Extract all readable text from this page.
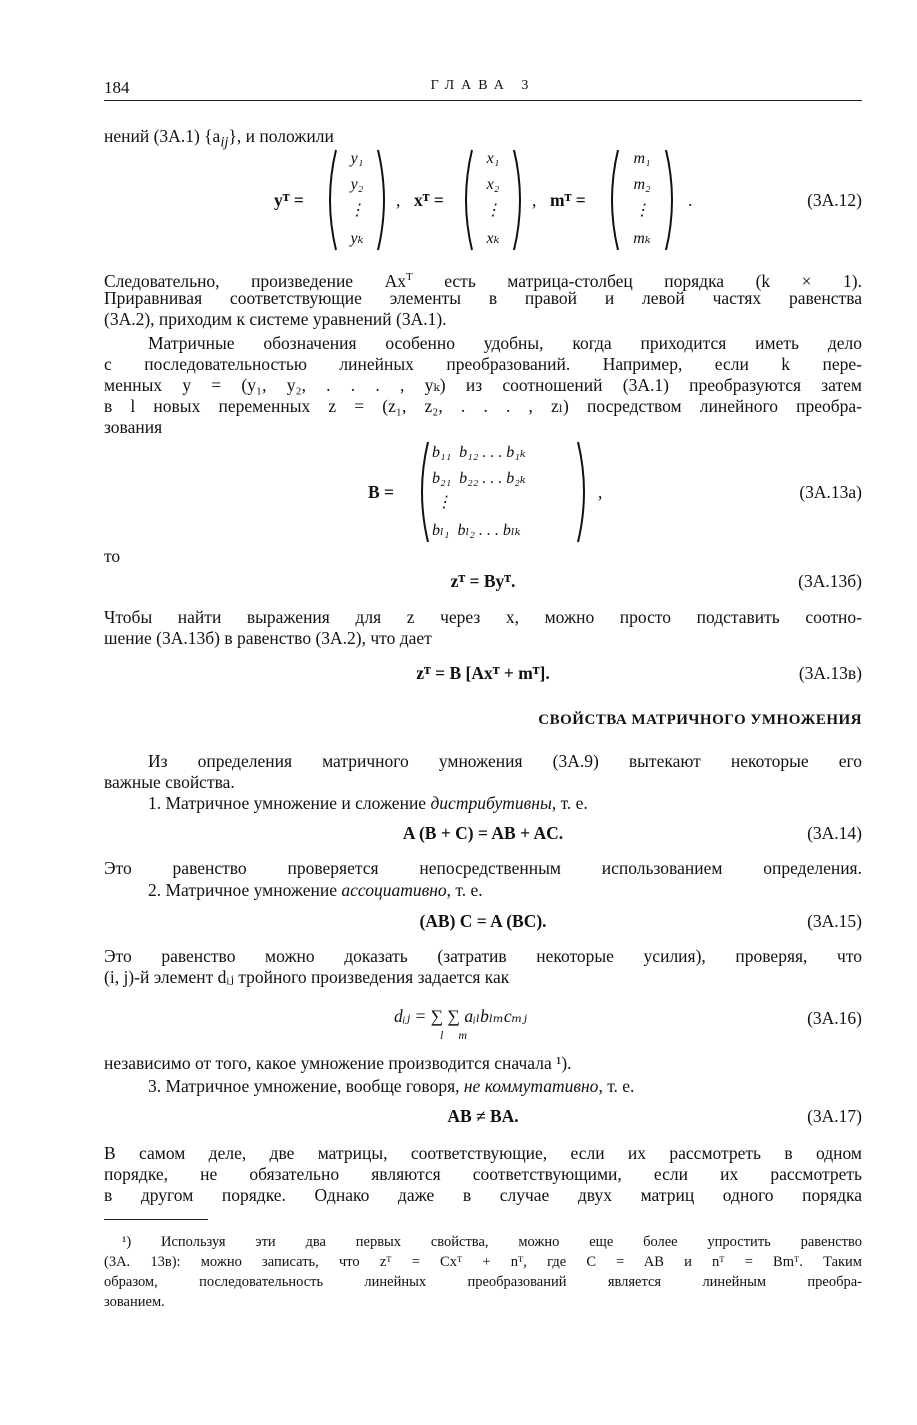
184	ГЛАВА 3
нений (3А.1) $\{a_{ij}\}$, и положили
yᵀ =
y₁
y₂
⋮
yₖ
, xᵀ =
x₁
x₂
⋮
xₖ
, mᵀ =
m₁
m₂
⋮
mₖ
.	(3А.12)
Следовательно, произведение $Ax^T$ есть матрица-столбец порядка (k × 1).
Приравнивая соответствующие элементы в правой и левой частях равенства
(3А.2), приходим к системе уравнений (3А.1).
Матричные обозначения особенно удобны, когда приходится иметь дело
с последовательностью линейных преобразований. Например, если k пере-
менных y = (y₁, y₂, . . . , yₖ) из соотношений (3А.1) преобразуются затем
в l новых переменных z = (z₁, z₂, . . . , zₗ) посредством линейного преобра-
зования
B =
b₁₁  b₁₂ . . . b₁ₖ
b₂₁  b₂₂ . . . b₂ₖ
⋮
bₗ₁  bₗ₂ . . . bₗₖ
,	(3А.13а)
то
zᵀ = Byᵀ.	(3А.13б)
Чтобы найти выражения для z через x, можно просто подставить соотно-
шение (3А.13б) в равенство (3А.2), что дает
zᵀ = B [Axᵀ + mᵀ].	(3А.13в)
СВОЙСТВА МАТРИЧНОГО УМНОЖЕНИЯ
Из определения матричного умножения (3А.9) вытекают некоторые его
важные свойства.
1. Матричное умножение и сложение дистрибутивны, т. е.
A (B + C) = AB + AC.	(3А.14)
Это равенство проверяется непосредственным использованием определения.
2. Матричное умножение ассоциативно, т. е.
(AB) C = A (BC).	(3А.15)
Это равенство можно доказать (затратив некоторые усилия), проверяя, что
(i, j)-й элемент dᵢⱼ тройного произведения задается как
dᵢⱼ = ∑ ∑ aᵢₗbₗₘcₘⱼ
l     m
(3А.16)
независимо от того, какое умножение производится сначала ¹).
3. Матричное умножение, вообще говоря, не коммутативно, т. е.
AB ≠ BA.	(3А.17)
В самом деле, две матрицы, соответствующие, если их рассмотреть в одном
порядке, не обязательно являются соответствующими, если их рассмотреть
в другом порядке. Однако даже в случае двух матриц одного порядка
¹) Используя эти два первых свойства, можно еще более упростить равенство
(3А. 13в): можно записать, что zᵀ = Cxᵀ + nᵀ, где C = AB и nᵀ = Bmᵀ. Таким
образом, последовательность линейных преобразований является линейным преобра-
зованием.
